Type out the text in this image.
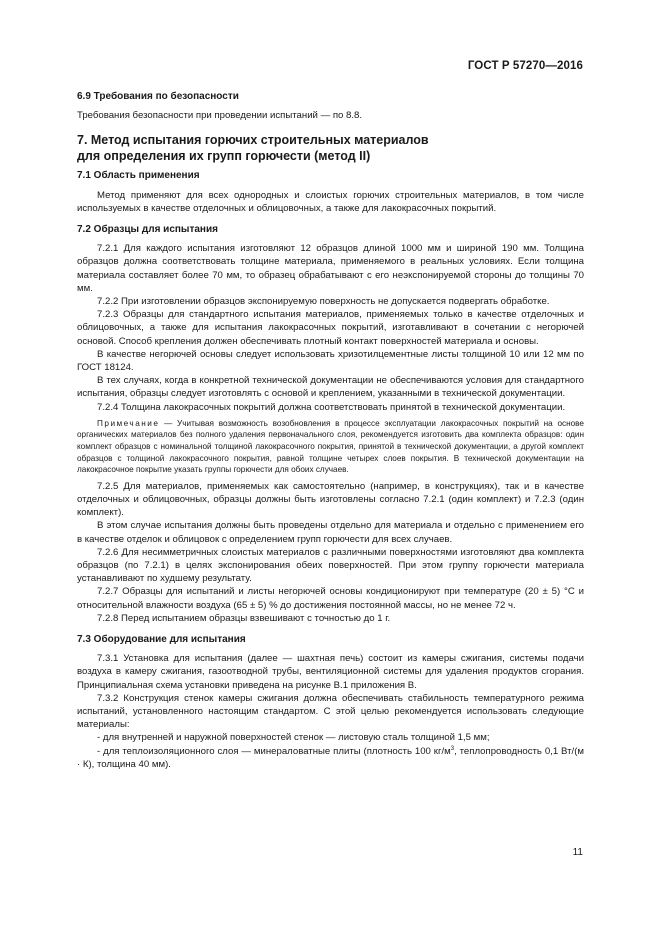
ГОСТ Р 57270—2016

6.9 Требования по безопасности

Требования безопасности при проведении испытаний — по 8.8.

7. Метод испытания горючих строительных материалов

для определения их групп горючести (метод II)

7.1 Область применения

Метод применяют для всех однородных и слоистых горючих строительных материалов, в том числе используемых в качестве отделочных и облицовочных, а также для лакокрасочных покрытий.

7.2 Образцы для испытания

7.2.1 Для каждого испытания изготовляют 12 образцов длиной 1000 мм и шириной 190 мм. Толщина образцов должна соответствовать толщине материала, применяемого в реальных условиях. Если толщина материала составляет более 70 мм, то образец обрабатывают с его неэкспонируемой стороны до толщины 70 мм.

7.2.2 При изготовлении образцов экспонируемую поверхность не допускается подвергать обработке.

7.2.3 Образцы для стандартного испытания материалов, применяемых только в качестве отделочных и облицовочных, а также для испытания лакокрасочных покрытий, изготавливают в сочетании с негорючей основой. Способ крепления должен обеспечивать плотный контакт поверхностей материала и основы.

В качестве негорючей основы следует использовать хризотилцементные листы толщиной 10 или 12 мм по ГОСТ 18124.

В тех случаях, когда в конкретной технической документации не обеспечиваются условия для стандартного испытания, образцы следует изготовлять с основой и креплением, указанными в технической документации.

7.2.4 Толщина лакокрасочных покрытий должна соответствовать принятой в технической документации.

Примечание — Учитывая возможность возобновления в процессе эксплуатации лакокрасочных покрытий на основе органических материалов без полного удаления первоначального слоя, рекомендуется изготовить два комплекта образцов: один комплект образцов с номинальной толщиной лакокрасочного покрытия, принятой в технической документации, а другой комплект образцов с толщиной лакокрасочного покрытия, равной толщине четырех слоев покрытия. В технической документации на лакокрасочное покрытие указать группы горючести для обоих случаев.

7.2.5 Для материалов, применяемых как самостоятельно (например, в конструкциях), так и в качестве отделочных и облицовочных, образцы должны быть изготовлены согласно 7.2.1 (один комплект) и 7.2.3 (один комплект).

В этом случае испытания должны быть проведены отдельно для материала и отдельно с применением его в качестве отделок и облицовок с определением групп горючести для всех случаев.

7.2.6 Для несимметричных слоистых материалов с различными поверхностями изготовляют два комплекта образцов (по 7.2.1) в целях экспонирования обеих поверхностей. При этом группу горючести материала устанавливают по худшему результату.

7.2.7 Образцы для испытаний и листы негорючей основы кондиционируют при температуре (20 ± 5) °С и относительной влажности воздуха (65 ± 5) % до достижения постоянной массы, но не менее 72 ч.

7.2.8 Перед испытанием образцы взвешивают с точностью до 1 г.

7.3 Оборудование для испытания

7.3.1 Установка для испытания (далее — шахтная печь) состоит из камеры сжигания, системы подачи воздуха в камеру сжигания, газоотводной трубы, вентиляционной системы для удаления продуктов сгорания. Принципиальная схема установки приведена на рисунке В.1 приложения В.

7.3.2 Конструкция стенок камеры сжигания должна обеспечивать стабильность температурного режима испытаний, установленного настоящим стандартом. С этой целью рекомендуется использовать следующие материалы:

- для внутренней и наружной поверхностей стенок — листовую сталь толщиной 1,5 мм;

- для теплоизоляционного слоя — минераловатные плиты (плотность 100 $кг/м^3$, теплопроводность 0,1 Вт/(м · К), толщина 40 мм).

11
